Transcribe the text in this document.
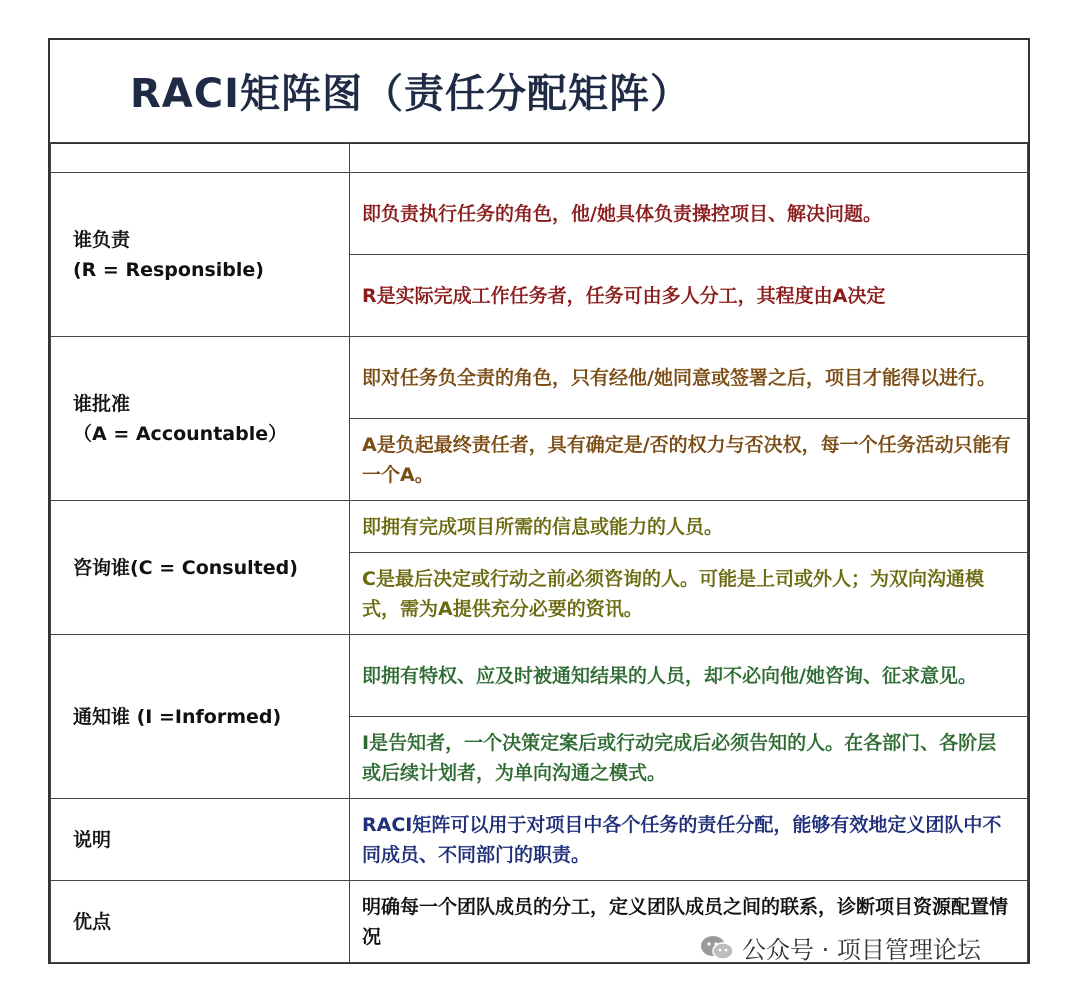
RACI矩阵图（责任分配矩阵）

谁负责
(R = Responsible)	即负责执行任务的角色，他/她具体负责操控项目、解决问题。
	R是实际完成工作任务者，任务可由多人分工，其程度由A决定

谁批准
（A = Accountable）	即对任务负全责的角色，只有经他/她同意或签署之后，项目才能得以进行。
	A是负起最终责任者，具有确定是/否的权力与否决权，每一个任务活动只能有一个A。

咨询谁(C = Consulted)	即拥有完成项目所需的信息或能力的人员。
	C是最后决定或行动之前必须咨询的人。可能是上司或外人；为双向沟通模式，需为A提供充分必要的资讯。

通知谁 (I =Informed)	即拥有特权、应及时被通知结果的人员，却不必向他/她咨询、征求意见。
	I是告知者，一个决策定案后或行动完成后必须告知的人。在各部门、各阶层或后续计划者，为单向沟通之模式。

说明	RACI矩阵可以用于对项目中各个任务的责任分配，能够有效地定义团队中不同成员、不同部门的职责。

优点	明确每一个团队成员的分工，定义团队成员之间的联系，诊断项目资源配置情况	公众号 · 项目管理论坛
